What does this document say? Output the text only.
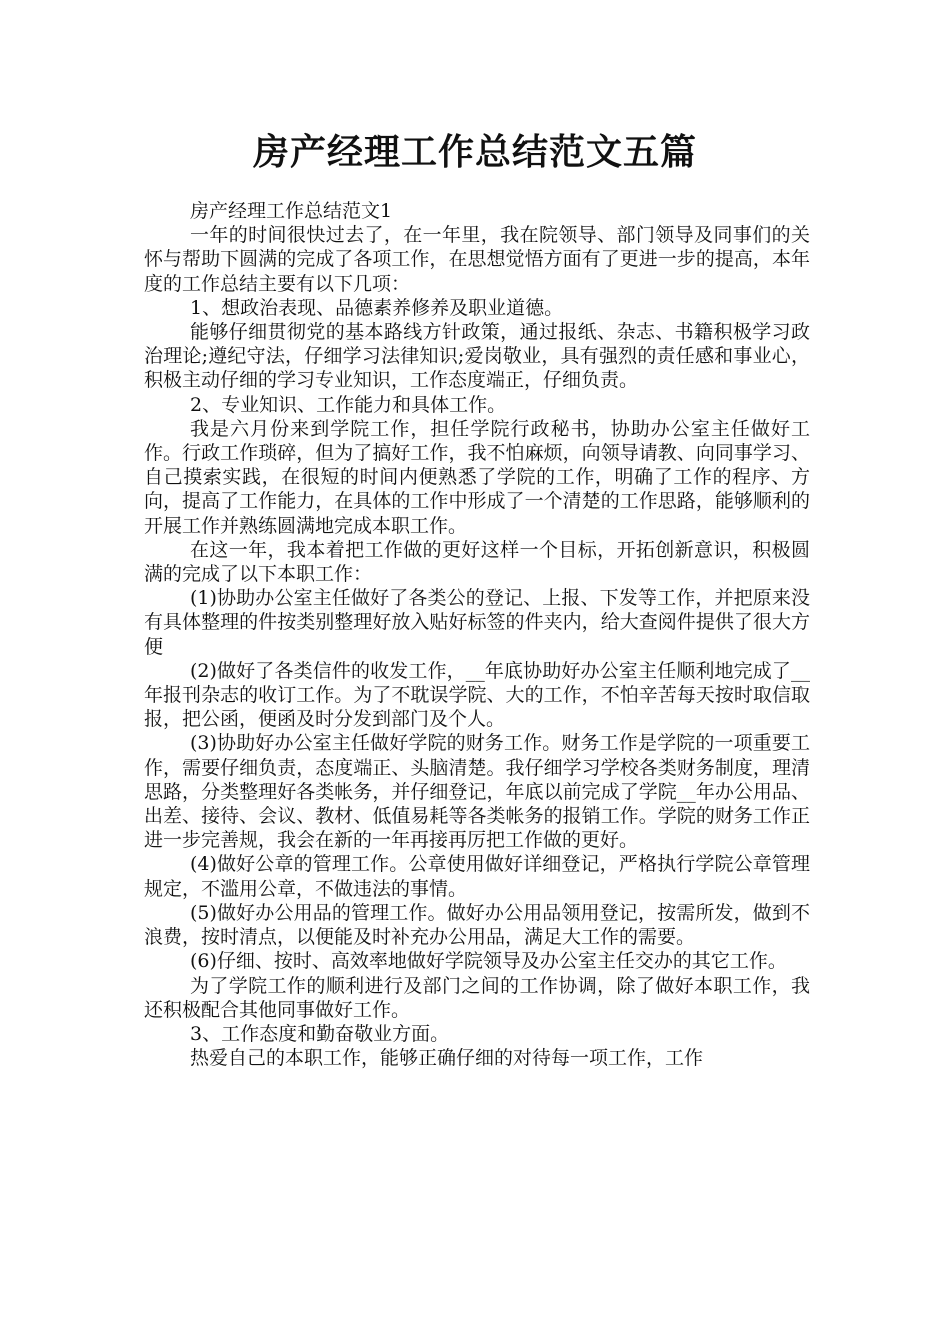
房产经理工作总结范文五篇

房产经理工作总结范文1

一年的时间很快过去了，在一年里，我在院领导、部门领导及同事们的关怀与帮助下圆满的完成了各项工作，在思想觉悟方面有了更进一步的提高，本年度的工作总结主要有以下几项：

1、想政治表现、品德素养修养及职业道德。

能够仔细贯彻党的基本路线方针政策，通过报纸、杂志、书籍积极学习政治理论;遵纪守法，仔细学习法律知识;爱岗敬业，具有强烈的责任感和事业心，积极主动仔细的学习专业知识，工作态度端正，仔细负责。

2、专业知识、工作能力和具体工作。

我是六月份来到学院工作，担任学院行政秘书，协助办公室主任做好工作。行政工作琐碎，但为了搞好工作，我不怕麻烦，向领导请教、向同事学习、自己摸索实践，在很短的时间内便熟悉了学院的工作，明确了工作的程序、方向，提高了工作能力，在具体的工作中形成了一个清楚的工作思路，能够顺利的开展工作并熟练圆满地完成本职工作。

在这一年，我本着把工作做的更好这样一个目标，开拓创新意识，积极圆满的完成了以下本职工作：

(1)协助办公室主任做好了各类公的登记、上报、下发等工作，并把原来没有具体整理的件按类别整理好放入贴好标签的件夹内，给大查阅件提供了很大方便

(2)做好了各类信件的收发工作，__年底协助好办公室主任顺利地完成了__年报刊杂志的收订工作。为了不耽误学院、大的工作，不怕辛苦每天按时取信取报，把公函，便函及时分发到部门及个人。

(3)协助好办公室主任做好学院的财务工作。财务工作是学院的一项重要工作，需要仔细负责，态度端正、头脑清楚。我仔细学习学校各类财务制度，理清思路，分类整理好各类帐务，并仔细登记，年底以前完成了学院__年办公用品、出差、接待、会议、教材、低值易耗等各类帐务的报销工作。学院的财务工作正进一步完善规，我会在新的一年再接再厉把工作做的更好。

(4)做好公章的管理工作。公章使用做好详细登记，严格执行学院公章管理规定，不滥用公章，不做违法的事情。

(5)做好办公用品的管理工作。做好办公用品领用登记，按需所发，做到不浪费，按时清点，以便能及时补充办公用品，满足大工作的需要。

(6)仔细、按时、高效率地做好学院领导及办公室主任交办的其它工作。

为了学院工作的顺利进行及部门之间的工作协调，除了做好本职工作，我还积极配合其他同事做好工作。

3、工作态度和勤奋敬业方面。

热爱自己的本职工作，能够正确仔细的对待每一项工作，工作
